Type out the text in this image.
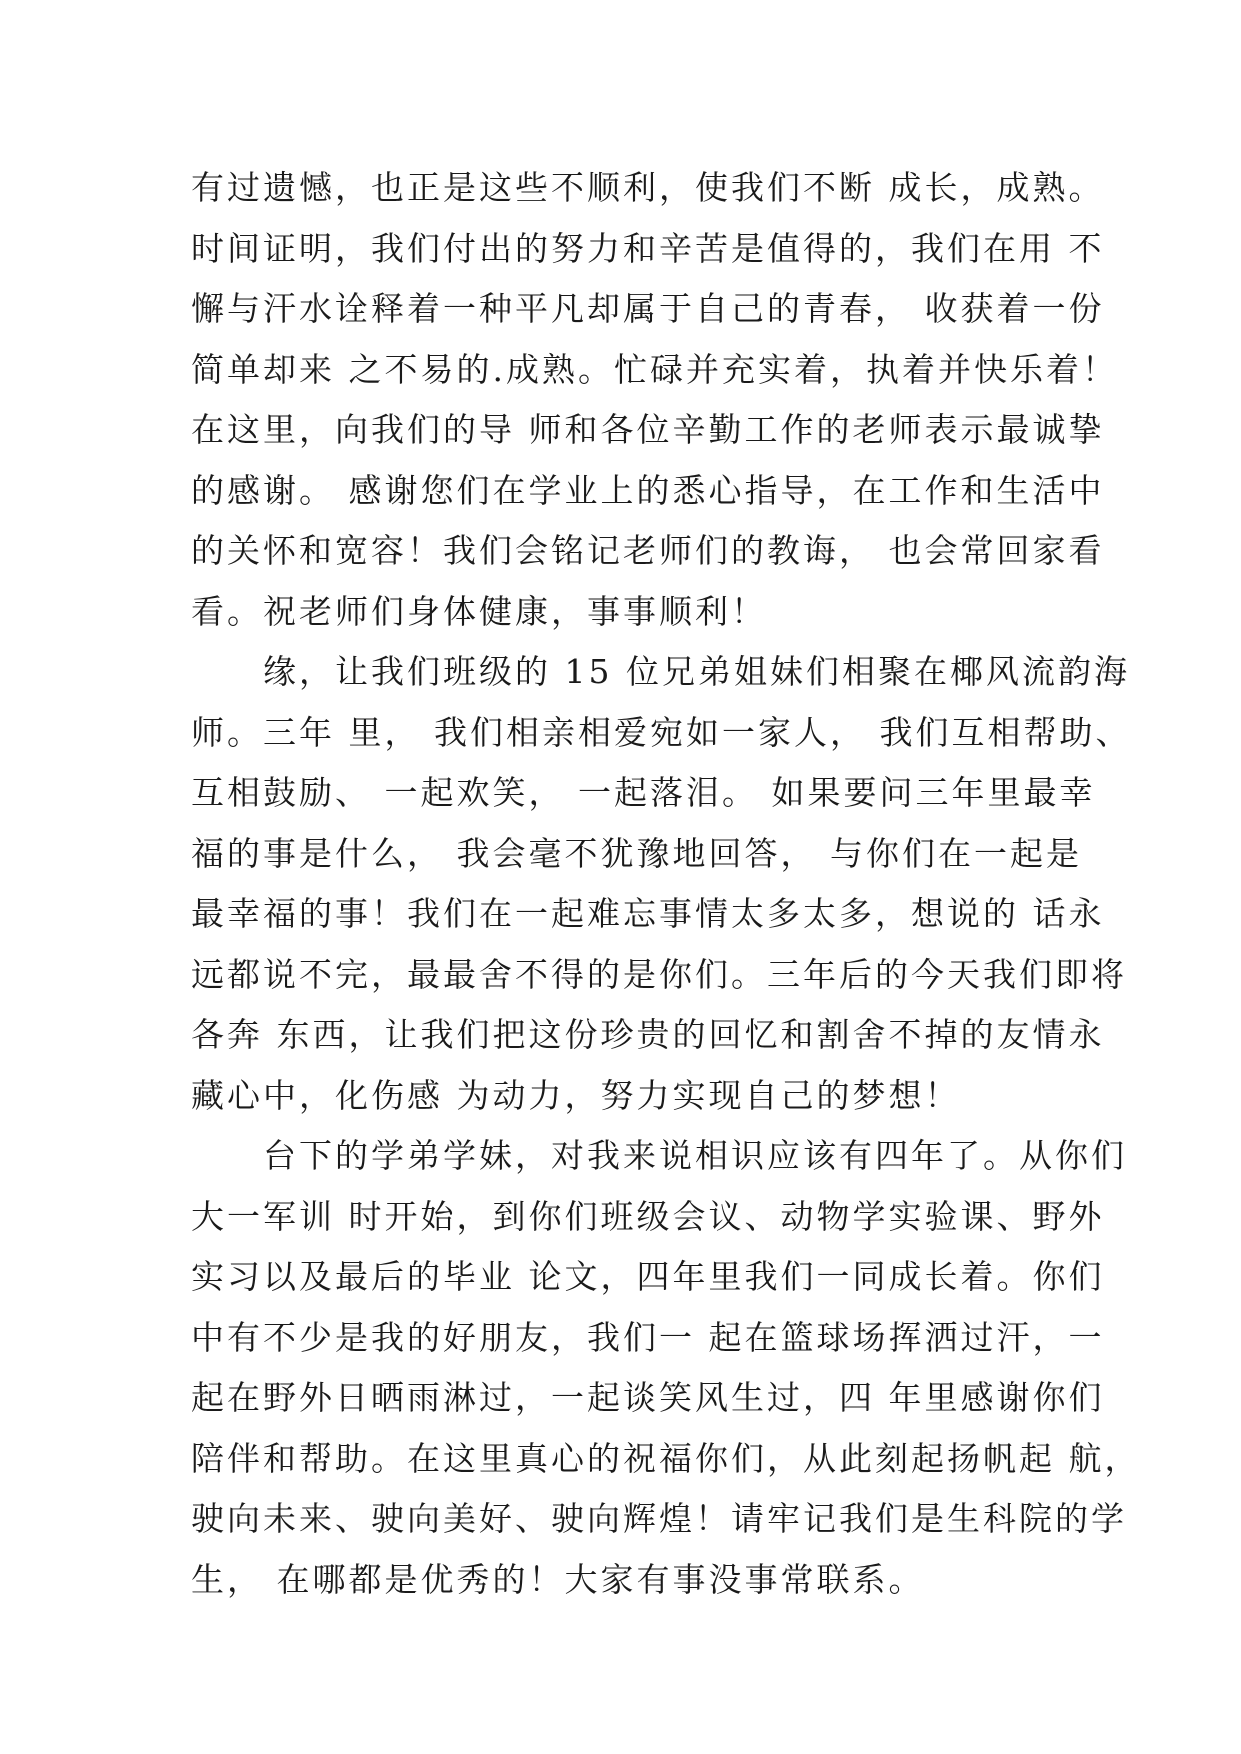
有过遗憾，也正是这些不顺利，使我们不断 成长，成熟。
时间证明，我们付出的努力和辛苦是值得的，我们在用 不
懈与汗水诠释着一种平凡却属于自己的青春， 收获着一份
简单却来 之不易的.成熟。忙碌并充实着，执着并快乐着！
在这里，向我们的导 师和各位辛勤工作的老师表示最诚挚
的感谢。 感谢您们在学业上的悉心指导，在工作和生活中
的关怀和宽容！我们会铭记老师们的教诲， 也会常回家看
看。祝老师们身体健康，事事顺利！
　　缘，让我们班级的 15 位兄弟姐妹们相聚在椰风流韵海
师。三年 里， 我们相亲相爱宛如一家人， 我们互相帮助、
互相鼓励、 一起欢笑， 一起落泪。 如果要问三年里最幸
福的事是什么， 我会毫不犹豫地回答， 与你们在一起是
最幸福的事！我们在一起难忘事情太多太多，想说的 话永
远都说不完，最最舍不得的是你们。三年后的今天我们即将
各奔 东西，让我们把这份珍贵的回忆和割舍不掉的友情永
藏心中，化伤感 为动力，努力实现自己的梦想！
　　台下的学弟学妹，对我来说相识应该有四年了。从你们
大一军训 时开始，到你们班级会议、动物学实验课、野外
实习以及最后的毕业 论文，四年里我们一同成长着。你们
中有不少是我的好朋友，我们一 起在篮球场挥洒过汗，一
起在野外日晒雨淋过，一起谈笑风生过，四 年里感谢你们
陪伴和帮助。在这里真心的祝福你们，从此刻起扬帆起 航，
驶向未来、驶向美好、驶向辉煌！请牢记我们是生科院的学
生， 在哪都是优秀的！大家有事没事常联系。
